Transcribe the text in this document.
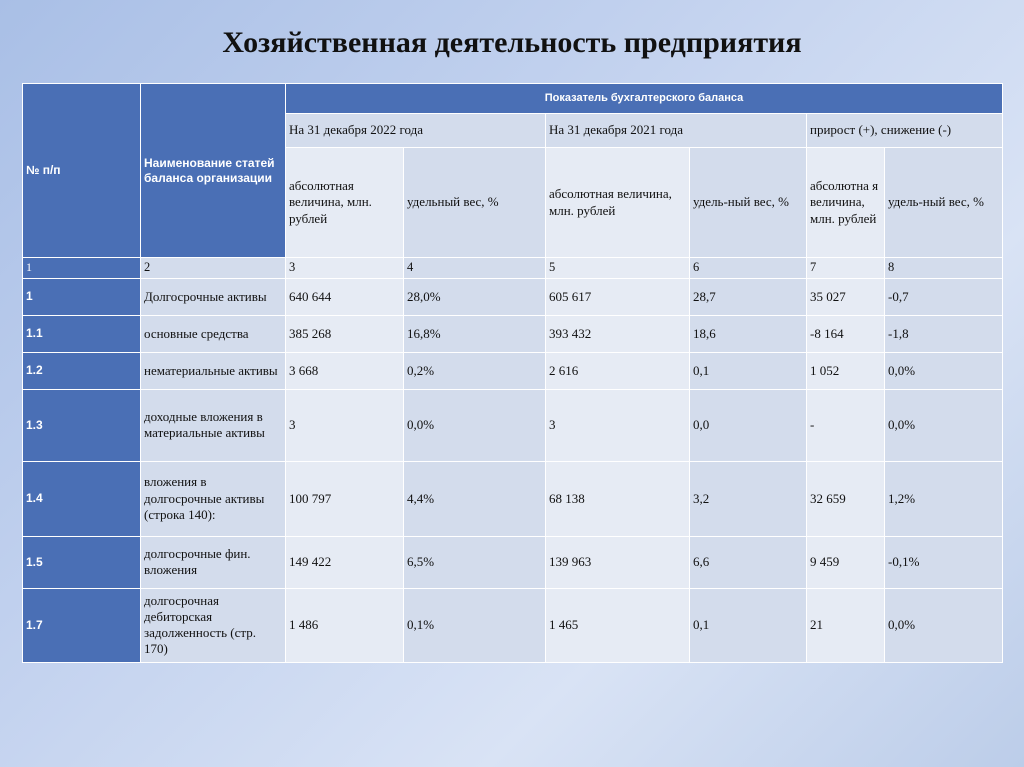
Хозяйственная деятельность предприятия
№ п/п	Наименование статей баланса организации	Показатель бухгалтерского баланса					
		На 31 декабря 2022 года		На 31 декабря 2021 года		прирост (+), снижение (-)	
		абсолютная величина, млн. рублей	удельный вес, %	абсолютная величина, млн. рублей	удель-ный вес, %	абсолютна я величина, млн. рублей	удель-ный вес, %
1	2	3	4	5	6	7	8
1	Долгосрочные активы	640 644	28,0%	605 617	28,7	35 027	-0,7
1.1	основные средства	385 268	16,8%	393 432	18,6	-8 164	-1,8
1.2	нематериальные активы	3 668	0,2%	2 616	0,1	1 052	0,0%
1.3	доходные вложения в материальные активы	3	0,0%	3	0,0	-	0,0%
1.4	вложения в долгосрочные активы (строка 140):	100 797	4,4%	68 138	3,2	32 659	1,2%
1.5	долгосрочные фин. вложения	149 422	6,5%	139 963	6,6	9 459	-0,1%
1.7	долгосрочная дебиторская задолженность (стр. 170)	1 486	0,1%	1 465	0,1	21	0,0%
